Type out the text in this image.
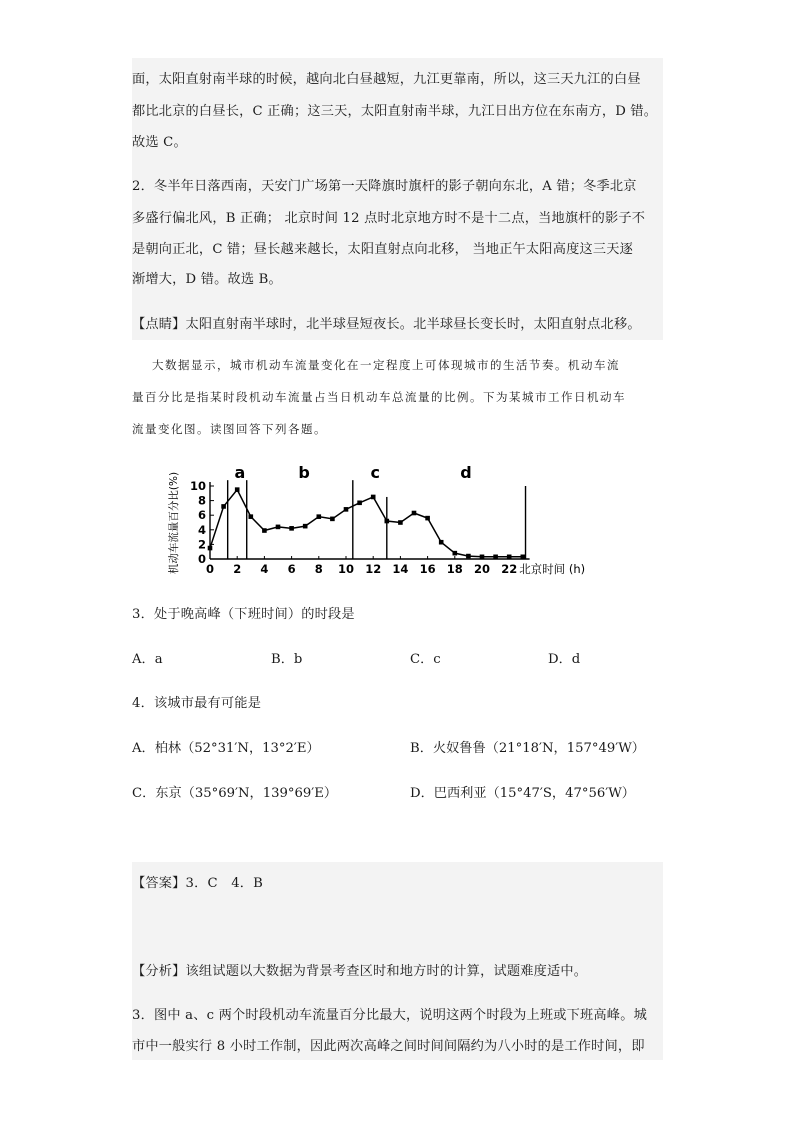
面，太阳直射南半球的时候，越向北白昼越短，九江更靠南，所以，这三天九江的白昼
都比北京的白昼长，C 正确；这三天，太阳直射南半球，九江日出方位在东南方，D 错。
故选 C。
2．冬半年日落西南，天安门广场第一天降旗时旗杆的影子朝向东北，A 错；冬季北京
多盛行偏北风，B 正确； 北京时间 12 点时北京地方时不是十二点，当地旗杆的影子不
是朝向正北，C 错；昼长越来越长，太阳直射点向北移， 当地正午太阳高度这三天逐
渐增大，D 错。故选 B。
【点睛】太阳直射南半球时，北半球昼短夜长。北半球昼长变长时，太阳直射点北移。
大数据显示，城市机动车流量变化在一定程度上可体现城市的生活节奏。机动车流
量百分比是指某时段机动车流量占当日机动车总流量的比例。下为某城市工作日机动车
流量变化图。读图回答下列各题。
0
2
4
6
8
10
0 2 4 6 8 10 12 14 16 18 20 22 北京时间 (h)
机动车流量百分比(%)	a	b	c	d
3．处于晚高峰（下班时间）的时段是
A．a	B．b	C．c	D．d
4．该城市最有可能是
A．柏林（52°31′N，13°2′E）	B．火奴鲁鲁（21°18′N，157°49′W）
C．东京（35°69′N，139°69′E）	D．巴西利亚（15°47′S，47°56′W）
【答案】3．C　4．B
【分析】该组试题以大数据为背景考查区时和地方时的计算，试题难度适中。
3．图中 a、c 两个时段机动车流量百分比最大，说明这两个时段为上班或下班高峰。城
市中一般实行 8 小时工作制，因此两次高峰之间时间间隔约为八小时的是工作时间，即
